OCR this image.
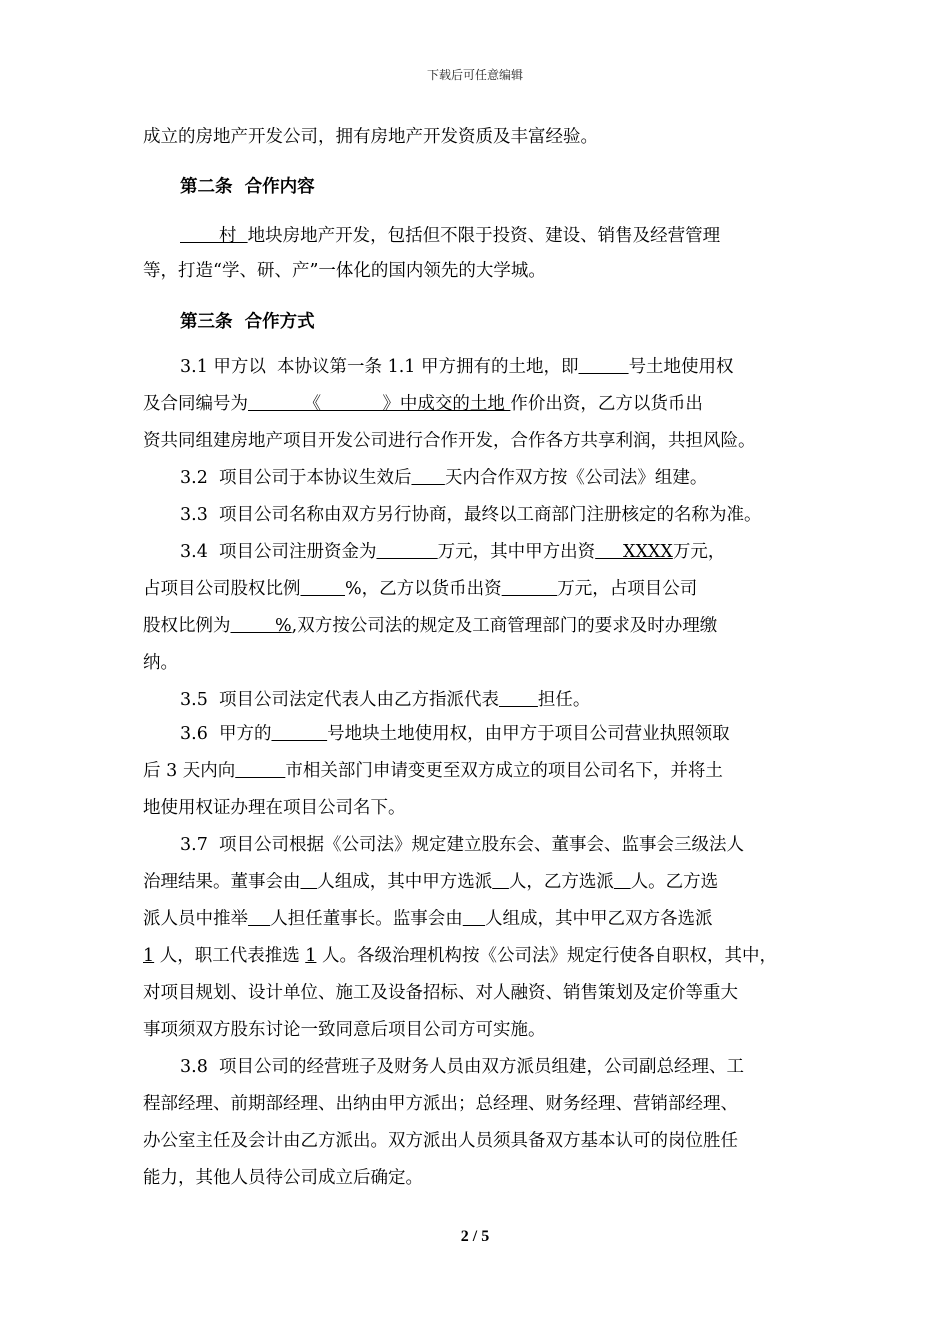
下载后可任意编辑
成立的房地产开发公司，拥有房地产开发资质及丰富经验。
第二条  合作内容
村  地块房地产开发，包括但不限于投资、建设、销售及经营管理
等，打造“学、研、产”一体化的国内领先的大学城。
第三条  合作方式
3.1 甲方以  本协议第一条 1.1 甲方拥有的土地，即	号土地使用权
及合同编号为          《           》中成交的土地 作价出资，乙方以货币出
资共同组建房地产项目开发公司进行合作开发，合作各方共享利润，共担风险。
3.2  项目公司于本协议生效后 天内合作双方按《公司法》组建。
3.3  项目公司名称由双方另行协商，最终以工商部门注册核定的名称为准。
3.4  项目公司注册资金为	万元，其中甲方出资     XXXX万元，
占项目公司股权比例	%，乙方以货币出资	万元，占项目公司
股权比例为        %,双方按公司法的规定及工商管理部门的要求及时办理缴
纳。
3.5  项目公司法定代表人由乙方指派代表 担任。
3.6  甲方的	号地块土地使用权，由甲方于项目公司营业执照领取
后 3 天内向	市相关部门申请变更至双方成立的项目公司名下，并将土
地使用权证办理在项目公司名下。
3.7  项目公司根据《公司法》规定建立股东会、董事会、监事会三级法人
治理结果。董事会由 人组成，其中甲方选派 人，乙方选派 人。乙方选
派人员中推举 人担任董事长。监事会由 人组成，其中甲乙双方各选派
1 人，职工代表推选 1 人。各级治理机构按《公司法》规定行使各自职权，其中，
对项目规划、设计单位、施工及设备招标、对人融资、销售策划及定价等重大
事项须双方股东讨论一致同意后项目公司方可实施。
3.8  项目公司的经营班子及财务人员由双方派员组建，公司副总经理、工
程部经理、前期部经理、出纳由甲方派出；总经理、财务经理、营销部经理、
办公室主任及会计由乙方派出。双方派出人员须具备双方基本认可的岗位胜任
能力，其他人员待公司成立后确定。
2 / 5
